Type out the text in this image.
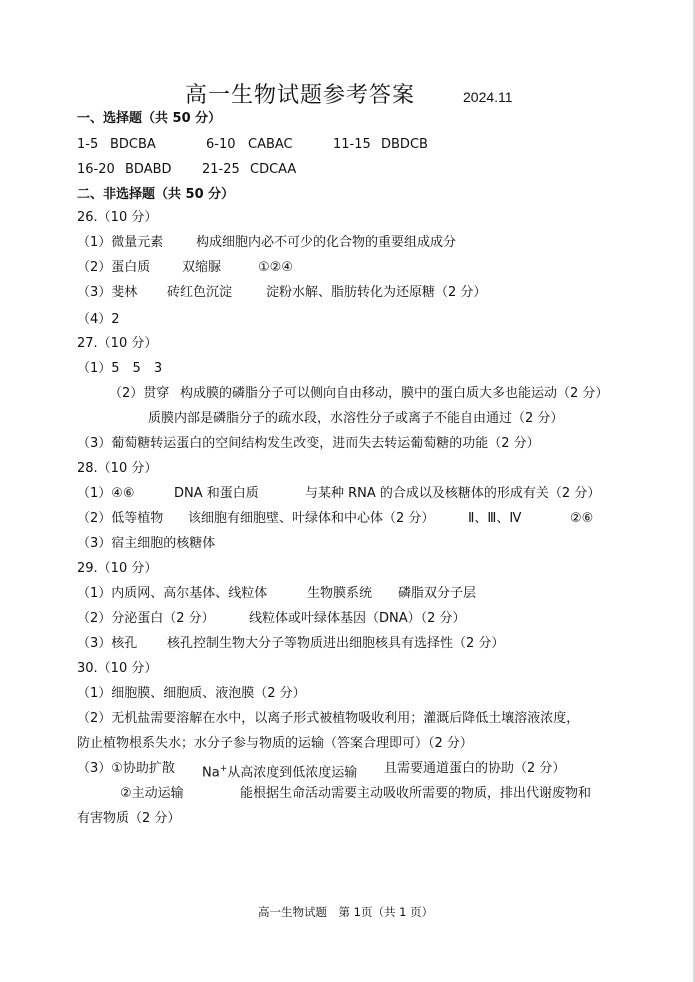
高一生物试题参考答案	2024.11
一、选择题（共 50 分）
1-5 BDCBA	6-10 CABAC	11-15 DBDCB
16-20 BDABD 21-25 CDCAA
二、非选择题（共 50 分）
26.（10 分）
（1）微量元素	构成细胞内必不可少的化合物的重要组成成分
（2）蛋白质 双缩脲	①②④
（3）斐林 砖红色沉淀	淀粉水解、脂肪转化为还原糖（2 分）
（4）2
27.（10 分）
（1）5　5　3
（2）贯穿 构成膜的磷脂分子可以侧向自由移动，膜中的蛋白质大多也能运动（2 分）
质膜内部是磷脂分子的疏水段，水溶性分子或离子不能自由通过（2 分）
（3）葡萄糖转运蛋白的空间结构发生改变，进而失去转运葡萄糖的功能（2 分）
28.（10 分）
（1）④⑥	DNA 和蛋白质	与某种 RNA 的合成以及核糖体的形成有关（2 分）
（2）低等植物 该细胞有细胞壁、叶绿体和中心体（2 分）	Ⅱ、Ⅲ、Ⅳ	②⑥
（3）宿主细胞的核糖体
29.（10 分）
（1）内质网、高尔基体、线粒体	生物膜系统 磷脂双分子层
（2）分泌蛋白（2 分）	线粒体或叶绿体基因（DNA）（2 分）
（3）核孔 核孔控制生物大分子等物质进出细胞核具有选择性（2 分）
30.（10 分）
（1）细胞膜、细胞质、液泡膜（2 分）
（2）无机盐需要溶解在水中，以离子形式被植物吸收利用；灌溉后降低土壤溶液浓度，
防止植物根系失水；水分子参与物质的运输（答案合理即可）（2 分）
（3）①协助扩散 Na+从高浓度到低浓度运输 且需要通道蛋白的协助（2 分）
②主动运输	能根据生命活动需要主动吸收所需要的物质，排出代谢废物和
有害物质（2 分）
高一生物试题　第 1页（共 1 页）
